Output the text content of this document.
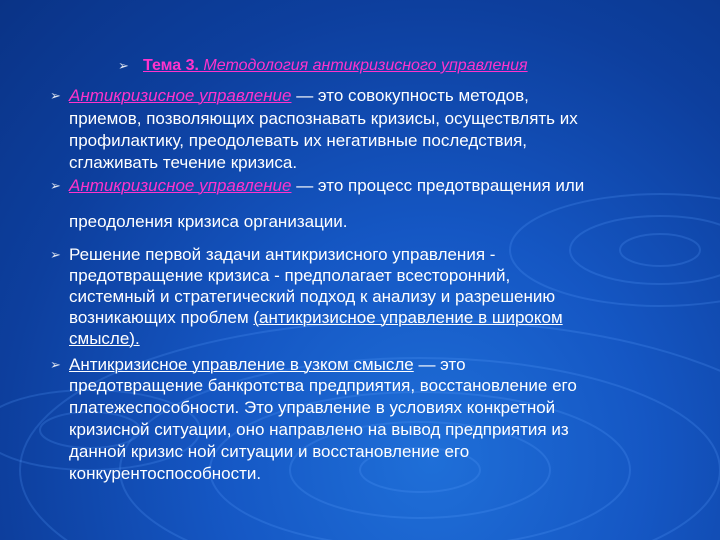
➢ Тема 3. Методология антикризисного управления
➢ Антикризисное управление — это совокупность методов,
приемов, позволяющих распознавать кризисы, осуществлять их
профилактику, преодолевать их негативные последствия,
сглаживать течение кризиса.
➢ Антикризисное управление — это процесс предотвращения или
преодоления кризиса организации.
➢ Решение первой задачи антикризисного управления -
предотвращение кризиса - предполагает всесторонний,
системный и стратегический подход к анализу и разрешению
возникающих проблем (антикризисное управление в широком
смысле).
➢ Антикризисное управление в узком смысле — это
предотвращение банкротства предприятия, восстановление его
платежеспособности. Это управление в условиях конкретной
кризисной ситуации, оно направлено на вывод предприятия из
данной кризис ной ситуации и восстановление его
конкурентоспособности.
